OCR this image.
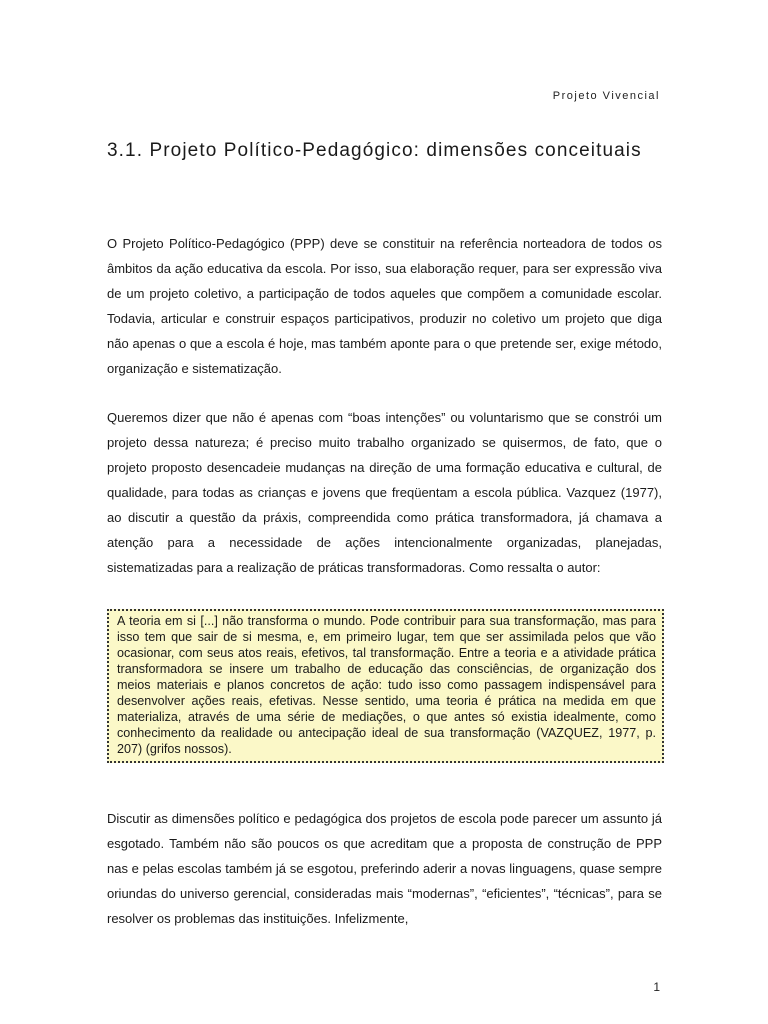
Projeto Vivencial
3.1. Projeto Político-Pedagógico: dimensões conceituais

O Projeto Político-Pedagógico (PPP) deve se constituir na referência norteadora de todos os âmbitos da ação educativa da escola. Por isso, sua elaboração requer, para ser expressão viva de um projeto coletivo, a participação de todos aqueles que compõem a comunidade escolar. Todavia, articular e construir espaços participativos, produzir no coletivo um projeto que diga não apenas o que a escola é hoje, mas também aponte para o que pretende ser, exige método, organização e sistematização.

Queremos dizer que não é apenas com “boas intenções” ou voluntarismo que se constrói um projeto dessa natureza; é preciso muito trabalho organizado se quisermos, de fato, que o projeto proposto desencadeie mudanças na direção de uma formação educativa e cultural, de qualidade, para todas as crianças e jovens que freqüentam a escola pública. Vazquez (1977), ao discutir a questão da práxis, compreendida como prática transformadora, já chamava a atenção para a necessidade de ações intencionalmente organizadas, planejadas, sistematizadas para a realização de práticas transformadoras. Como ressalta o autor:

A teoria em si [...] não transforma o mundo. Pode contribuir para sua transformação, mas para isso tem que sair de si mesma, e, em primeiro lugar, tem que ser assimilada pelos que vão ocasionar, com seus atos reais, efetivos, tal transformação. Entre a teoria e a atividade prática transformadora se insere um trabalho de educação das consciências, de organização dos meios materiais e planos concretos de ação: tudo isso como passagem indispensável para desenvolver ações reais, efetivas. Nesse sentido, uma teoria é prática na medida em que materializa, através de uma série de mediações, o que antes só existia idealmente, como conhecimento da realidade ou antecipação ideal de sua transformação (VAZQUEZ, 1977, p. 207) (grifos nossos).

Discutir as dimensões político e pedagógica dos projetos de escola pode parecer um assunto já esgotado. Também não são poucos os que acreditam que a proposta de construção de PPP nas e pelas escolas também já se esgotou, preferindo aderir a novas linguagens, quase sempre oriundas do universo gerencial, consideradas mais “modernas”, “eficientes”, “técnicas”, para se resolver os problemas das instituições. Infelizmente,

1
